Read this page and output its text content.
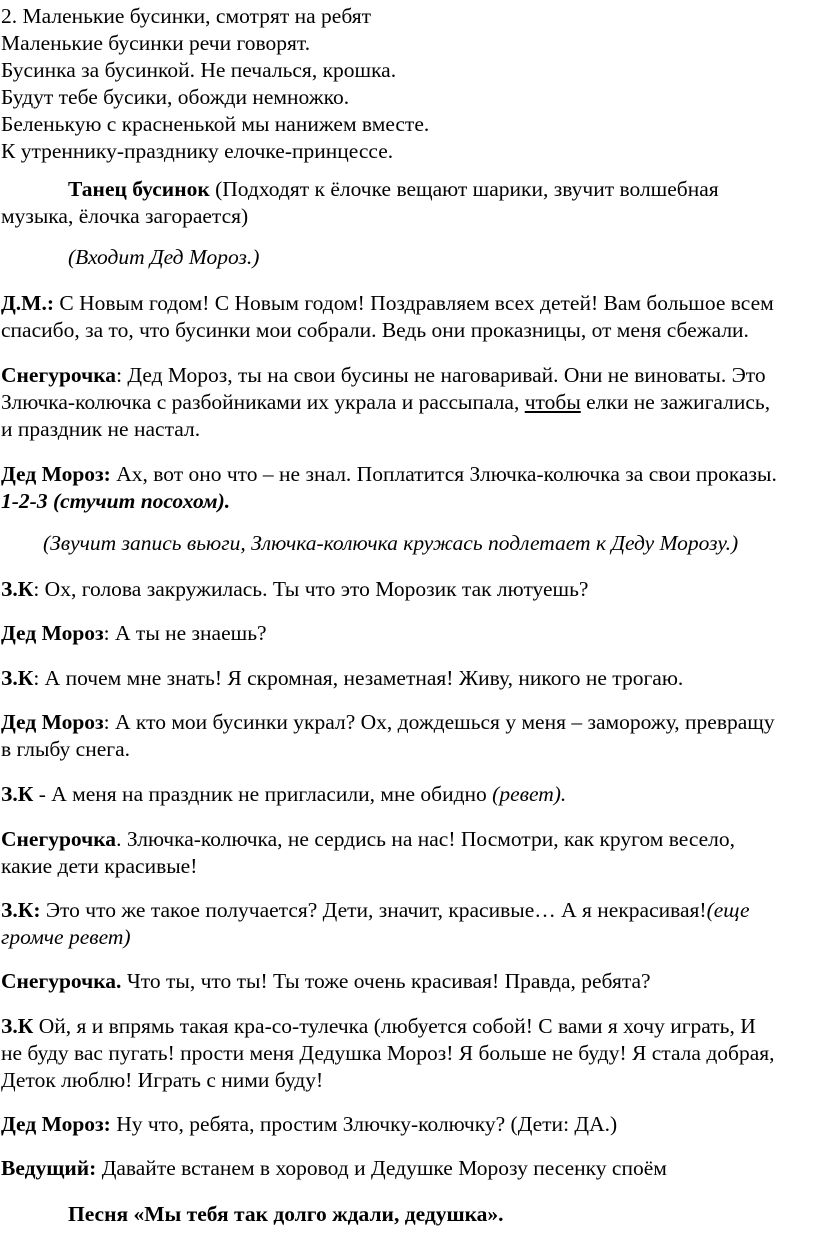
2. Маленькие бусинки, смотрят на ребят
Маленькие бусинки речи говорят.
Бусинка за бусинкой. Не печалься, крошка.
Будут тебе бусики, обожди немножко.
Беленькую с красненькой мы нанижем вместе.
К утреннику-празднику елочке-принцессе.
Танец бусинок (Подходят к ёлочке вещают шарики, звучит волшебная
музыка, ёлочка загорается)
(Входит Дед Мороз.)
Д.М.: С Новым годом! С Новым годом! Поздравляем всех детей! Вам большое всем
спасибо, за то, что бусинки мои собрали. Ведь они проказницы, от меня сбежали.
Снегурочка: Дед Мороз, ты на свои бусины не наговаривай. Они не виноваты. Это
Злючка-колючка с разбойниками их украла и рассыпала, чтобы елки не зажигались,
и праздник не настал.
Дед Мороз: Ах, вот оно что – не знал. Поплатится Злючка-колючка за свои проказы.
1-2-3 (стучит посохом).
(Звучит запись вьюги, Злючка-колючка кружась подлетает к Деду Морозу.)
З.К: Ох, голова закружилась. Ты что это Морозик так лютуешь?
Дед Мороз: А ты не знаешь?
З.К: А почем мне знать! Я скромная, незаметная! Живу, никого не трогаю.
Дед Мороз: А кто мои бусинки украл? Ох, дождешься у меня – заморожу, превращу
в глыбу снега.
З.К - А меня на праздник не пригласили, мне обидно (ревет).
Снегурочка. Злючка-колючка, не сердись на нас! Посмотри, как кругом весело,
какие дети красивые!
З.К: Это что же такое получается? Дети, значит, красивые… А я некрасивая!(еще
громче ревет)
Снегурочка. Что ты, что ты! Ты тоже очень красивая! Правда, ребята?
З.К Ой, я и впрямь такая кра-со-тулечка (любуется собой! С вами я хочу играть, И
не буду вас пугать! прости меня Дедушка Мороз! Я больше не буду! Я стала добрая,
Деток люблю! Играть с ними буду!
Дед Мороз: Ну что, ребята, простим Злючку-колючку? (Дети: ДА.)
Ведущий: Давайте встанем в хоровод и Дедушке Морозу песенку споём
Песня «Мы тебя так долго ждали, дедушка».
